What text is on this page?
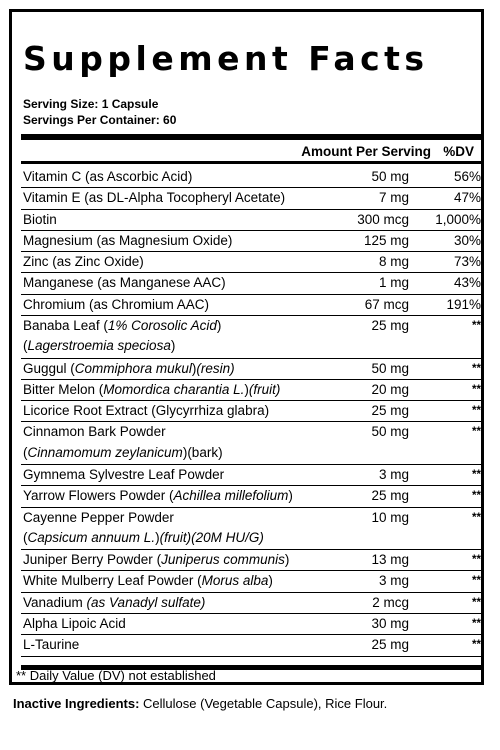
Supplement Facts
Serving Size: 1 Capsule
Servings Per Container: 60
Amount Per Serving %DV
Vitamin C (as Ascorbic Acid)	50 mg	56%
Vitamin E (as DL-Alpha Tocopheryl Acetate)	7 mg	47%
Biotin	300 mcg	1,000%
Magnesium (as Magnesium Oxide)	125 mg	30%
Zinc (as Zinc Oxide)	8 mg	73%
Manganese (as Manganese AAC)	1 mg	43%
Chromium (as Chromium AAC)	67 mcg	191%
Banaba Leaf (1% Corosolic Acid)
(Lagerstroemia speciosa)	25 mg	**
Guggul (Commiphora mukul)(resin)	50 mg	**
Bitter Melon (Momordica charantia L.)(fruit)	20 mg	**
Licorice Root Extract (Glycyrrhiza glabra)	25 mg	**
Cinnamon Bark Powder
(Cinnamomum zeylanicum)(bark)	50 mg	**
Gymnema Sylvestre Leaf Powder	3 mg	**
Yarrow Flowers Powder (Achillea millefolium)	25 mg	**
Cayenne Pepper Powder
(Capsicum annuum L.)(fruit)(20M HU/G)	10 mg	**
Juniper Berry Powder (Juniperus communis)	13 mg	**
White Mulberry Leaf Powder (Morus alba)	3 mg	**
Vanadium (as Vanadyl sulfate)	2 mcg	**
Alpha Lipoic Acid	30 mg	**
L-Taurine	25 mg	**
** Daily Value (DV) not established
Inactive Ingredients: Cellulose (Vegetable Capsule), Rice Flour.
